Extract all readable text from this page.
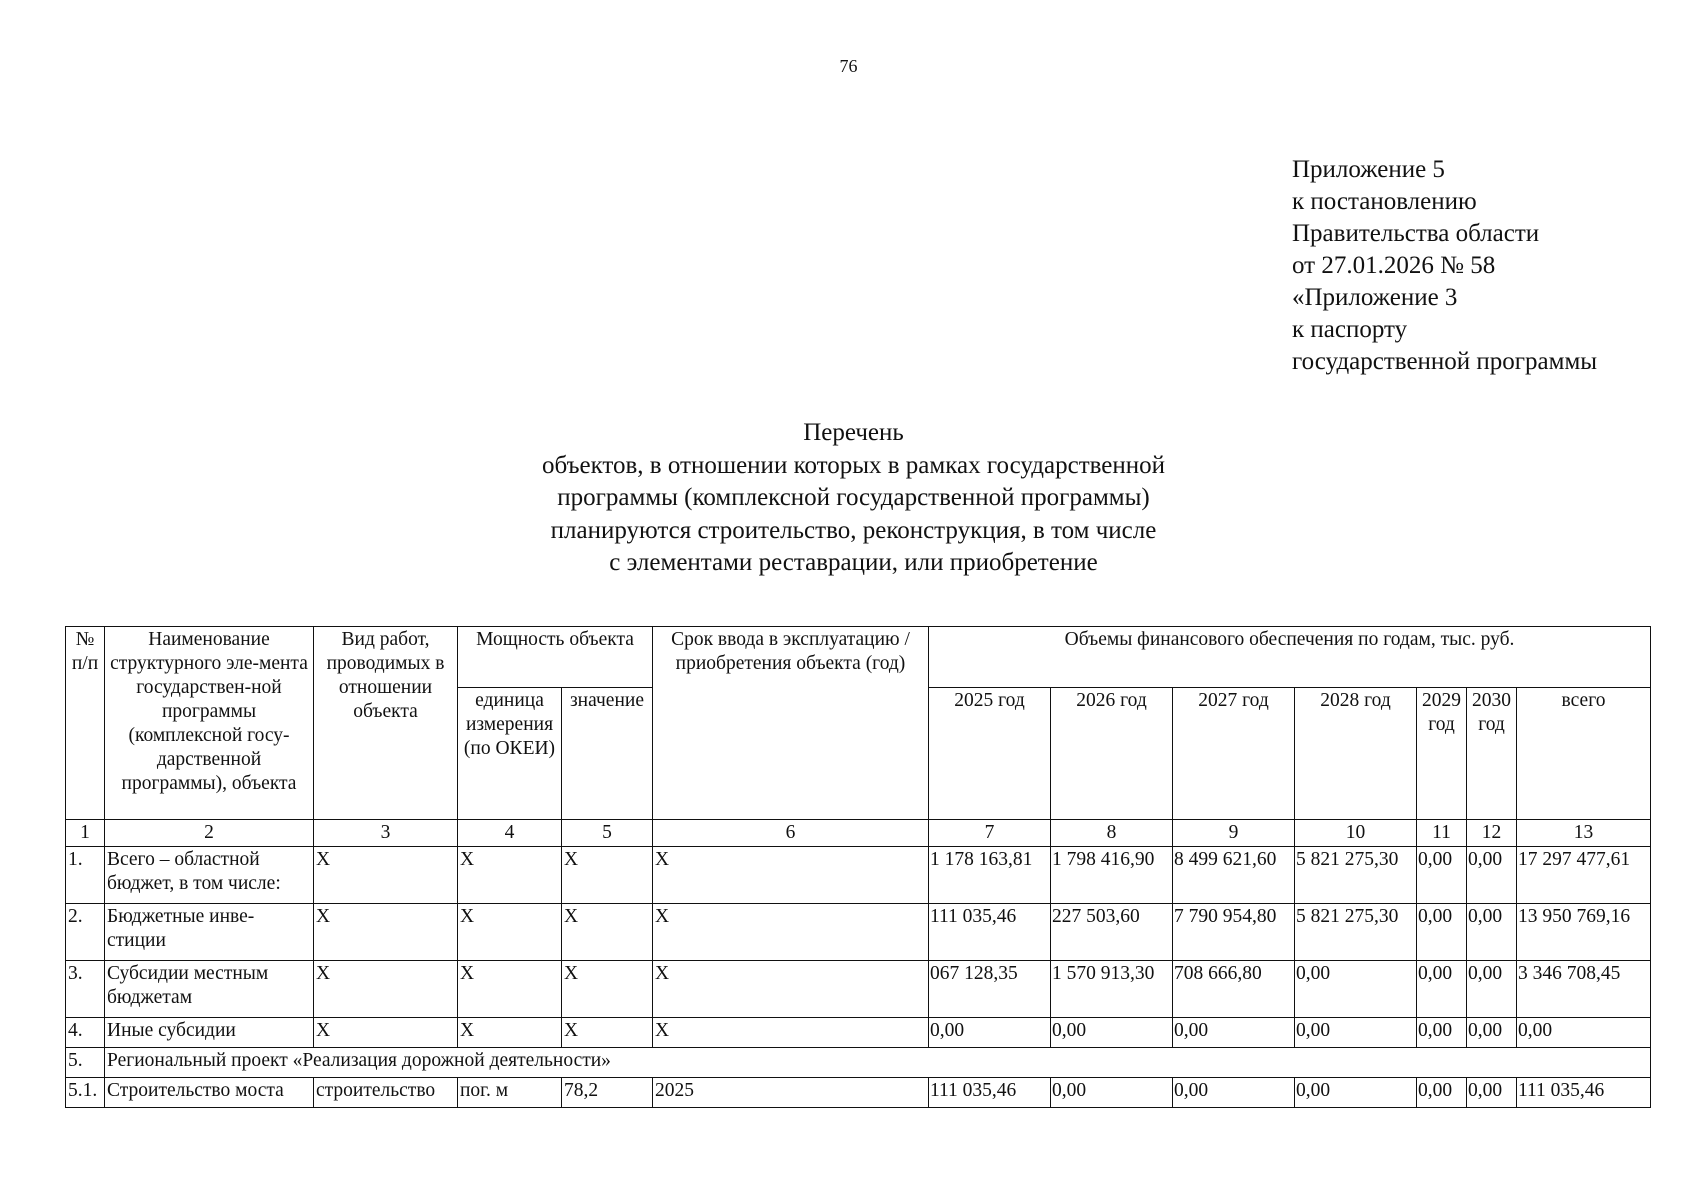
76
Приложение 5
к постановлению
Правительства области
от 27.01.2026 № 58
«Приложение 3
к паспорту
государственной программы
Перечень
объектов, в отношении которых в рамках государственной
программы (комплексной государственной программы)
планируются строительство, реконструкция, в том числе
с элементами реставрации, или приобретение
№ п/п	Наименование структурного эле-мента государствен-ной программы (комплексной госу-дарственной программы), объекта	Вид работ, проводимых в отношении объекта	Мощность объекта		Срок ввода в эксплуатацию / приобретения объекта (год)	Объемы финансового обеспечения по годам, тыс. руб.						
			единица измерения (по ОКЕИ)	значение		2025 год	2026 год	2027 год	2028 год	2029 год	2030 год	всего
1	2	3	4	5	6	7	8	9	10	11	12	13
1.	Всего – областной бюджет, в том числе:	X	X	X	X	1 178 163,81	1 798 416,90	8 499 621,60	5 821 275,30	0,00	0,00	17 297 477,61
2.	Бюджетные инве-стиции	X	X	X	X	111 035,46	227 503,60	7 790 954,80	5 821 275,30	0,00	0,00	13 950 769,16
3.	Субсидии местным бюджетам	X	X	X	X	067 128,35	1 570 913,30	708 666,80	0,00	0,00	0,00	3 346 708,45
4.	Иные субсидии	X	X	X	X	0,00	0,00	0,00	0,00	0,00	0,00	0,00
5.	Региональный проект «Реализация дорожной деятельности»											
5.1.	Строительство моста	строительство	пог. м	78,2	2025	111 035,46	0,00	0,00	0,00	0,00	0,00	111 035,46
